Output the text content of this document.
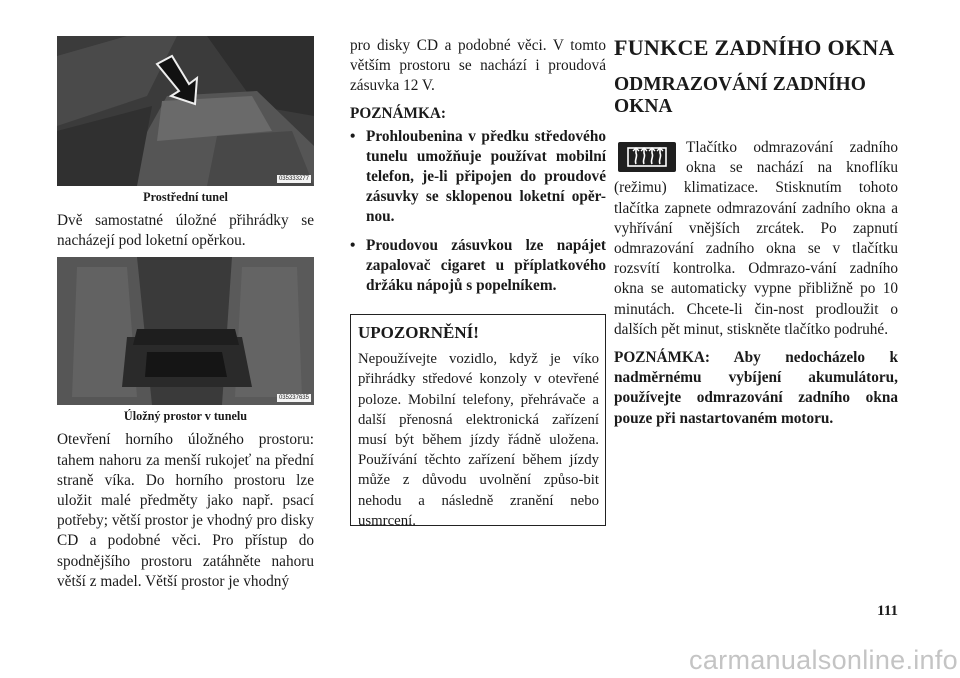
035333277
Prostřední tunel

Dvě samostatné úložné přihrádky se nacházejí pod loketní opěrkou.

035237635
Úložný prostor v tunelu

Otevření horního úložného prostoru: tahem nahoru za menší rukojeť na přední straně víka. Do horního prostoru lze uložit malé předměty jako např. psací potřeby; větší prostor je vhodný pro disky CD a podobné věci. Pro přístup do spodnějšího prostoru zatáhněte nahoru větší z madel. Větší prostor je vhodný

pro disky CD a podobné věci. V tomto větším prostoru se nachází i proudová zásuvka 12 V.

POZNÁMKA:

• Prohloubenina v předku středového tunelu umožňuje používat mobilní telefon, je-li připojen do proudové zásuvky se sklopenou loketní opěr-nou.
• Proudovou zásuvkou lze napájet zapalovač cigaret u příplatkového držáku nápojů s popelníkem.
UPOZORNĚNÍ!

Nepoužívejte vozidlo, když je víko přihrádky středové konzoly v otevřené poloze. Mobilní telefony, přehrávače a další přenosná elektronická zařízení musí být během jízdy řádně uložena. Používání těchto zařízení během jízdy může z důvodu uvolnění způso-bit nehodu a následně zranění nebo usmrcení.

FUNKCE ZADNÍHO OKNA
ODMRAZOVÁNÍ ZADNÍHO OKNA

Tlačítko odmrazování zadního okna se nachází na knoflíku (režimu) klimatizace. Stisknutím tohoto tlačítka zapnete odmrazování zadního okna a vyhřívání vnějších zrcátek. Po zapnutí odmrazování zadního okna se v tlačítku rozsvítí kontrolka. Odmrazo-vání zadního okna se automaticky vypne přibližně po 10 minutách. Chcete-li čin-nost prodloužit o dalších pět minut, stiskněte tlačítko podruhé.

POZNÁMKA: Aby nedocházelo k nadměrnému vybíjení akumulátoru, používejte odmrazování zadního okna pouze při nastartovaném motoru.

111
carmanualsonline.info
